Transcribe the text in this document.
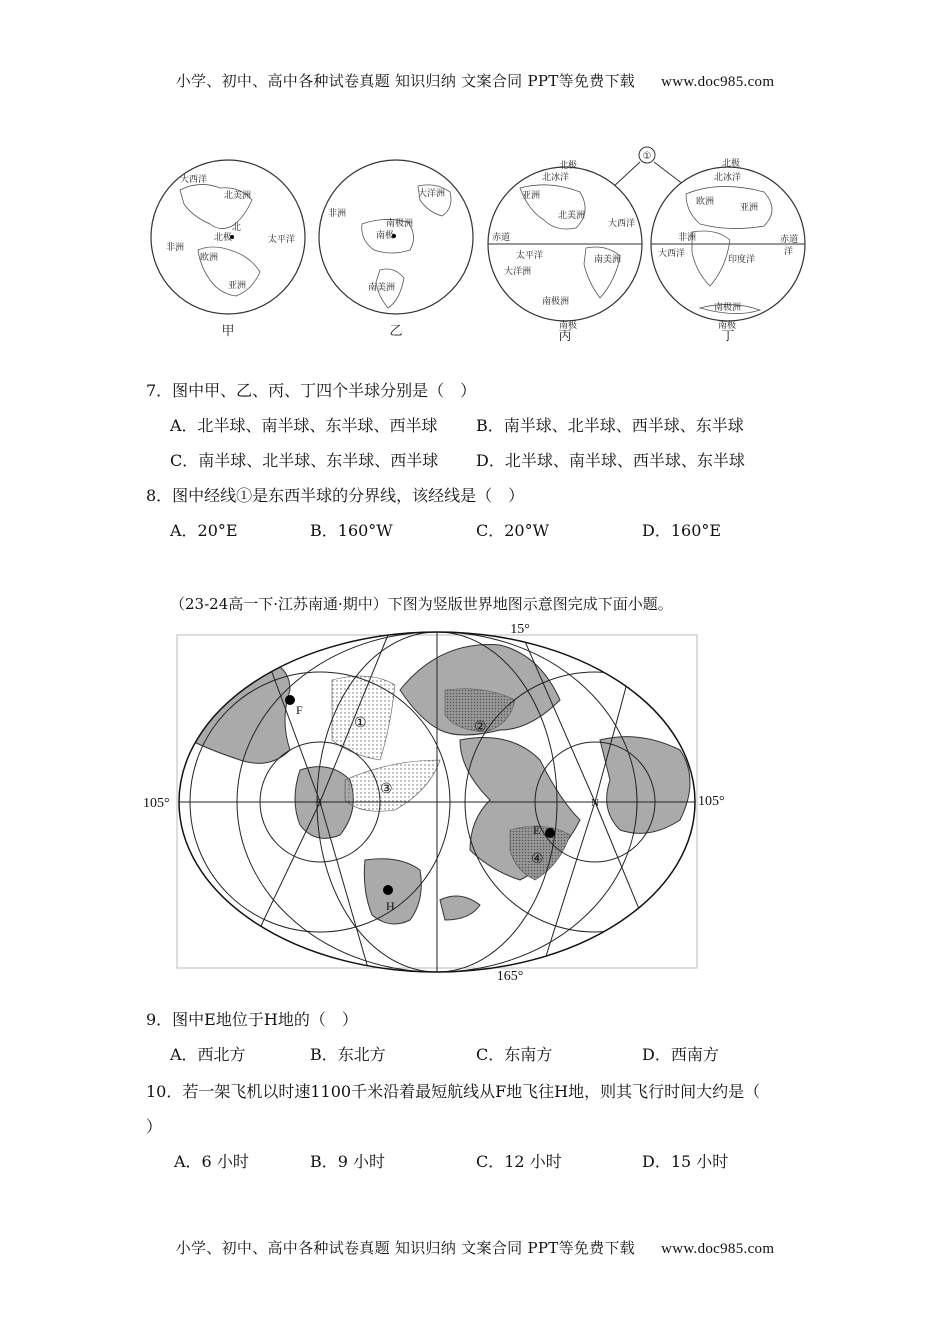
小学、初中、高中各种试卷真题 知识归纳 文案合同 PPT等免费下载 www.doc985.com
①
大西洋
北美洲
太平洋
北
北极
非洲
欧洲
亚洲
甲
大洋洲
非洲
南极洲
南极
南美洲
乙
北极
北冰洋
亚洲
北美洲
大西洋
赤道
太平洋	南美洲
大洋洲
南极洲
南极
丙
北极
北冰洋
欧洲
亚洲
非洲	赤道
大西洋
印度洋
洋
南极洲
南极
丁
7．图中甲、乙、丙、丁四个半球分别是（　）
A．北半球、南半球、东半球、西半球 B．南半球、北半球、西半球、东半球
C．南半球、北半球、东半球、西半球 D．北半球、南半球、西半球、东半球
8．图中经线①是东西半球的分界线，该经线是（　）
A．20°E	B．160°W	C．20°W	D．160°E
（23-24高一下·江苏南通·期中）下图为竖版世界地图示意图完成下面小题。
15°
165°
105°	105°
F
H
E
S	N
①	②
③
④
9．图中E地位于H地的（　）
A．西北方	B．东北方	C．东南方	D．西南方
10．若一架飞机以时速1100千米沿着最短航线从F地飞往H地，则其飞行时间大约是（
）
A．6 小时	B．9 小时	C．12 小时	D．15 小时
小学、初中、高中各种试卷真题 知识归纳 文案合同 PPT等免费下载 www.doc985.com
